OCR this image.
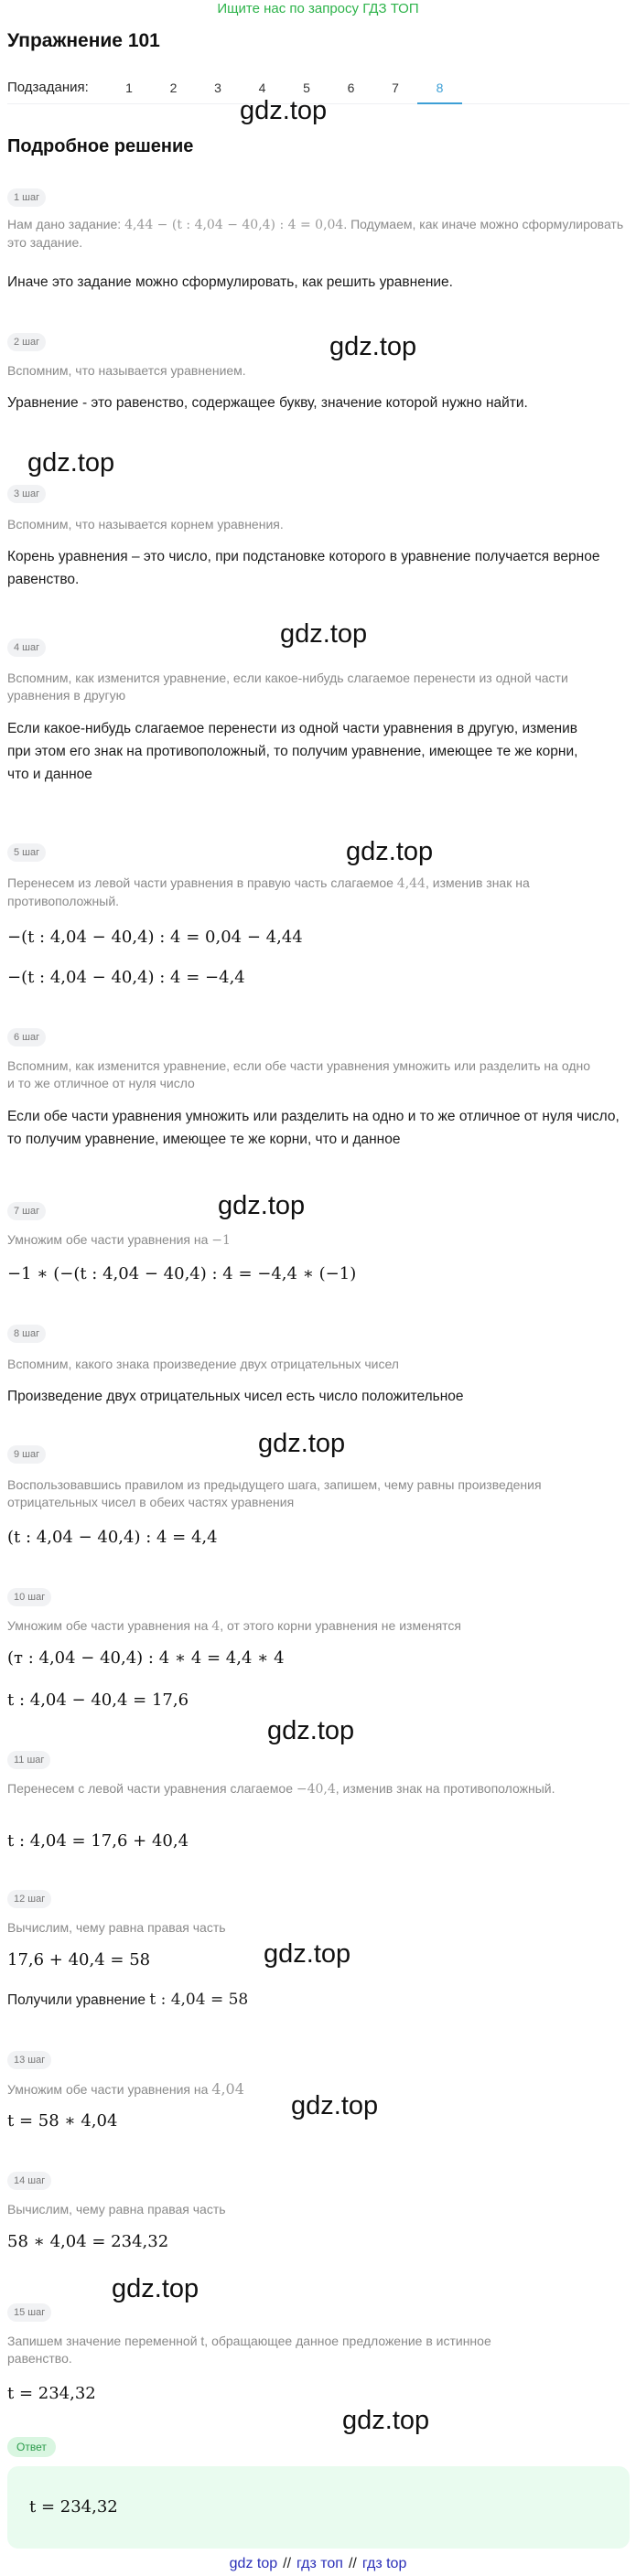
Ищите нас по запросу ГДЗ ТОП
Упражнение 101
Подзадания:	1	2	3	4	5	6	7	8
Подробное решение
gdz.top
gdz.top
gdz.top
gdz.top
gdz.top
gdz.top
gdz.top
gdz.top
gdz.top
gdz.top
gdz.top
gdz.top
1 шаг
Нам дано задание: 4,44 − (t : 4,04 − 40,4) : 4 = 0,04. Подумаем, как иначе можно сформулировать это задание.
Иначе это задание можно сформулировать, как решить уравнение.
2 шаг
Вспомним, что называется уравнением.
Уравнение - это равенство, содержащее букву, значение которой нужно найти.
3 шаг
Вспомним, что называется корнем уравнения.
Корень уравнения – это число, при подстановке которого в уравнение получается верное равенство.
4 шаг
Вспомним, как изменится уравнение, если какое-нибудь слагаемое перенести из одной части уравнения в другую
Если какое-нибудь слагаемое перенести из одной части уравнения в другую, изменив при этом его знак на противоположный, то получим уравнение, имеющее те же корни, что и данное
5 шаг
Перенесем из левой части уравнения в правую часть слагаемое 4,44, изменив знак на противоположный.
−(t : 4,04 − 40,4) : 4 = 0,04 − 4,44
−(t : 4,04 − 40,4) : 4 = −4,4
6 шаг
Вспомним, как изменится уравнение, если обе части уравнения умножить или разделить на одно и то же отличное от нуля число
Если обе части уравнения умножить или разделить на одно и то же отличное от нуля число, то получим уравнение, имеющее те же корни, что и данное
7 шаг
Умножим обе части уравнения на −1
−1 ∗ (−(t : 4,04 − 40,4) : 4 = −4,4 ∗ (−1)
8 шаг
Вспомним, какого знака произведение двух отрицательных чисел
Произведение двух отрицательных чисел есть число положительное
9 шаг
Воспользовавшись правилом из предыдущего шага, запишем, чему равны произведения отрицательных чисел в обеих частях уравнения
(t : 4,04 − 40,4) : 4 = 4,4
10 шаг
Умножим обе части уравнения на 4, от этого корни уравнения не изменятся
(т : 4,04 − 40,4) : 4 ∗ 4 = 4,4 ∗ 4
t : 4,04 − 40,4 = 17,6
11 шаг
Перенесем с левой части уравнения слагаемое −40,4, изменив знак на противоположный.
t : 4,04 = 17,6 + 40,4
12 шаг
Вычислим, чему равна правая часть
17,6 + 40,4 = 58
Получили уравнение t : 4,04 = 58
13 шаг
Умножим обе части уравнения на 4,04
t = 58 ∗ 4,04
14 шаг
Вычислим, чему равна правая часть
58 ∗ 4,04 = 234,32
15 шаг
Запишем значение переменной t, обращающее данное предложение в истинное равенство.
t = 234,32
Ответ
t = 234,32
gdz top // гдз топ // гдз top
